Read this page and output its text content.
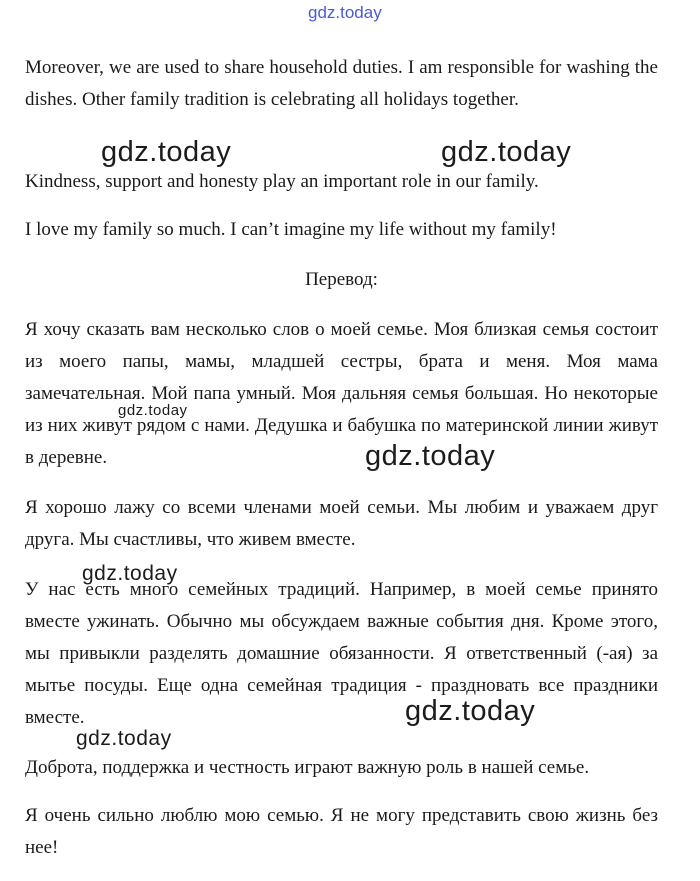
Moreover, we are used to share household duties. I am responsible for washing the dishes. Other family tradition is celebrating all holidays together.

Kindness, support and honesty play an important role in our family.

I love my family so much. I can’t imagine my life without my family!

Перевод:

Я хочу сказать вам несколько слов о моей семье. Моя близкая семья состоит из моего папы, мамы, младшей сестры, брата и меня. Моя мама замечательная. Мой папа умный. Моя дальняя семья большая. Но некоторые из них живут рядом с нами. Дедушка и бабушка по материнской линии живут в деревне.

Я хорошо лажу со всеми членами моей семьи. Мы любим и уважаем друг друга. Мы счастливы, что живем вместе.

У нас есть много семейных традиций. Например, в моей семье принято вместе ужинать. Обычно мы обсуждаем важные события дня. Кроме этого, мы привыкли разделять домашние обязанности. Я ответственный (-ая) за мытье посуды. Еще одна семейная традиция - праздновать все праздники вместе.

Доброта, поддержка и честность играют важную роль в нашей семье.

Я очень сильно люблю мою семью. Я не могу представить свою жизнь без нее!

gdz.today
gdz.today	gdz.today
gdz.today
gdz.today
gdz.today
gdz.today
gdz.today
